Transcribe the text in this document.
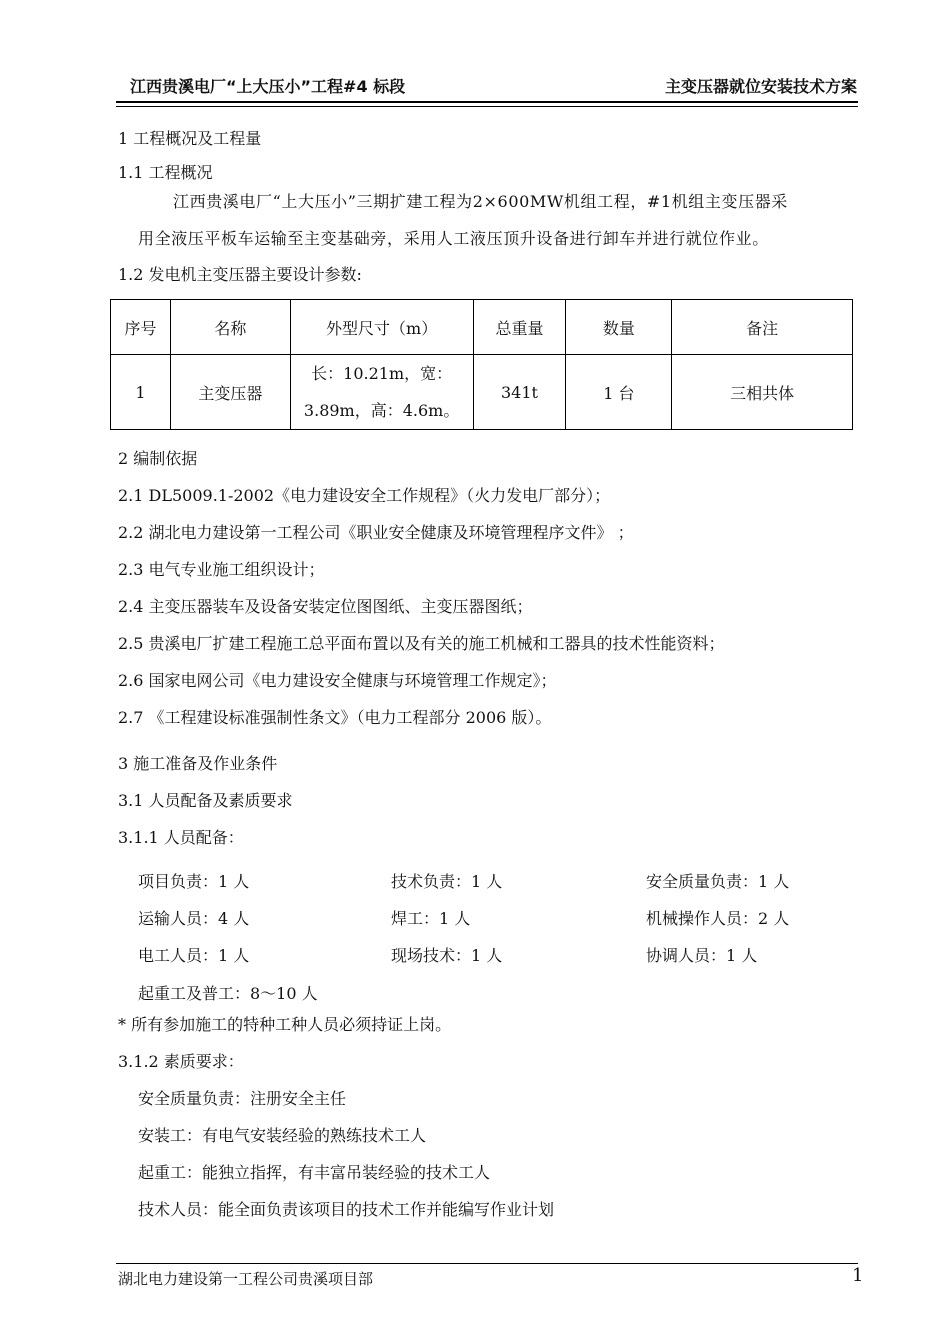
江西贵溪电厂“上大压小”工程#4 标段	主变压器就位安装技术方案
1 工程概况及工程量
1.1 工程概况
江西贵溪电厂“上大压小”三期扩建工程为2×600MW机组工程，#1机组主变压器采
用全液压平板车运输至主变基础旁，采用人工液压顶升设备进行卸车并进行就位作业。
1.2 发电机主变压器主要设计参数:
序号	名称	外型尺寸（m）	总重量	数量	备注
1	主变压器	长：10.21m，宽：
3.89m，高：4.6m。	341t	1 台	三相共体
2 编制依据
2.1 DL5009.1-2002《电力建设安全工作规程》（火力发电厂部分）；
2.2 湖北电力建设第一工程公司《职业安全健康及环境管理程序文件》 ；
2.3 电气专业施工组织设计；
2.4 主变压器装车及设备安装定位图图纸、主变压器图纸；
2.5 贵溪电厂扩建工程施工总平面布置以及有关的施工机械和工器具的技术性能资料；
2.6 国家电网公司《电力建设安全健康与环境管理工作规定》；
2.7 《工程建设标准强制性条文》（电力工程部分 2006 版）。
3 施工准备及作业条件
3.1 人员配备及素质要求
3.1.1 人员配备：
项目负责：1 人	技术负责：1 人	安全质量负责：1 人
运输人员：4 人	焊工：1 人	机械操作人员：2 人
电工人员：1 人	现场技术：1 人	协调人员：1 人
起重工及普工：8～10 人
* 所有参加施工的特种工种人员必须持证上岗。
3.1.2 素质要求：
安全质量负责：注册安全主任
安装工：有电气安装经验的熟练技术工人
起重工：能独立指挥，有丰富吊装经验的技术工人
技术人员：能全面负责该项目的技术工作并能编写作业计划
湖北电力建设第一工程公司贵溪项目部	1
